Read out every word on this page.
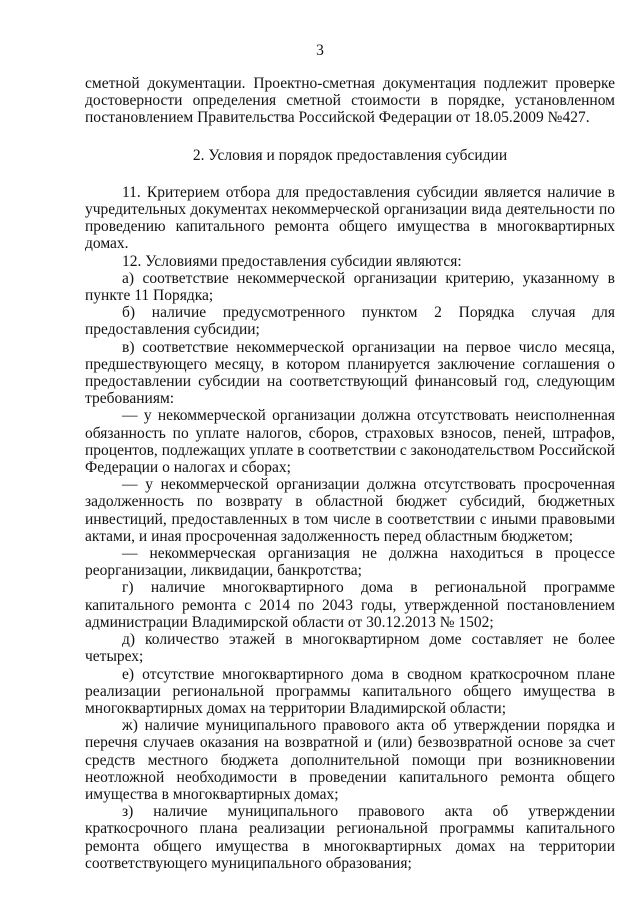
3

сметной документации. Проектно-сметная документация подлежит проверке достоверности определения сметной стоимости в порядке, установленном постановлением Правительства Российской Федерации от 18.05.2009 №427.

2. Условия и порядок предоставления субсидии

11. Критерием отбора для предоставления субсидии является наличие в учредительных документах некоммерческой организации вида деятельности по проведению капитального ремонта общего имущества в многоквартирных домах.

12. Условиями предоставления субсидии являются:

а) соответствие некоммерческой организации критерию, указанному в пункте 11 Порядка;

б) наличие предусмотренного пунктом 2 Порядка случая для предоставления субсидии;

в) соответствие некоммерческой организации на первое число месяца, предшествующего месяцу, в котором планируется заключение соглашения о предоставлении субсидии на соответствующий финансовый год, следующим требованиям:

— у некоммерческой организации должна отсутствовать неисполненная обязанность по уплате налогов, сборов, страховых взносов, пеней, штрафов, процентов, подлежащих уплате в соответствии с законодательством Российской Федерации о налогах и сборах;

— у некоммерческой организации должна отсутствовать просроченная задолженность по возврату в областной бюджет субсидий, бюджетных инвестиций, предоставленных в том числе в соответствии с иными правовыми актами, и иная просроченная задолженность перед областным бюджетом;

— некоммерческая организация не должна находиться в процессе реорганизации, ликвидации, банкротства;

г) наличие многоквартирного дома в региональной программе капитального ремонта с 2014 по 2043 годы, утвержденной постановлением администрации Владимирской области от 30.12.2013 № 1502;

д) количество этажей в многоквартирном доме составляет не более четырех;

е) отсутствие многоквартирного дома в сводном краткосрочном плане реализации региональной программы капитального общего имущества в многоквартирных домах на территории Владимирской области;

ж) наличие муниципального правового акта об утверждении порядка и перечня случаев оказания на возвратной и (или) безвозвратной основе за счет средств местного бюджета дополнительной помощи при возникновении неотложной необходимости в проведении капитального ремонта общего имущества в многоквартирных домах;

з) наличие муниципального правового акта об утверждении краткосрочного плана реализации региональной программы капитального ремонта общего имущества в многоквартирных домах на территории соответствующего муниципального образования;
